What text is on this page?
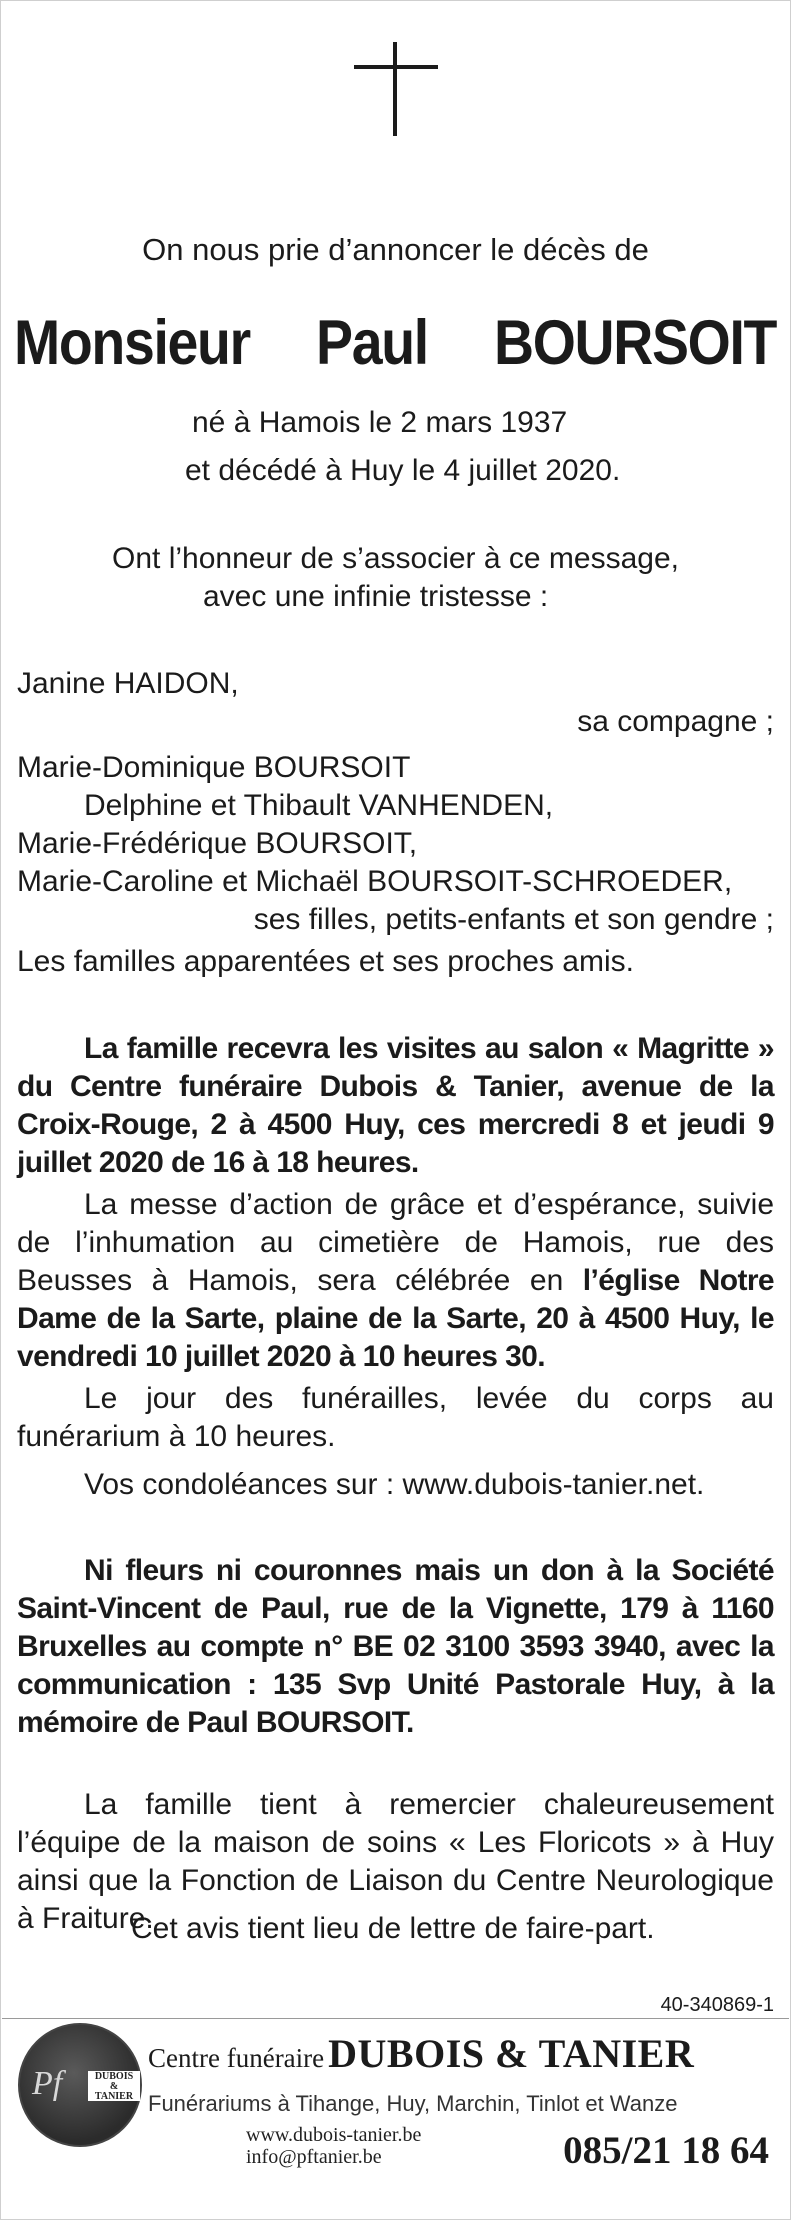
On nous prie d’annoncer le décès de
Monsieur Paul BOURSOIT
né à Hamois le 2 mars 1937
et décédé à Huy le 4 juillet 2020.
Ont l’honneur de s’associer à ce message,
avec une infinie tristesse :
Janine HAIDON,
sa compagne ;
Marie-Dominique BOURSOIT
Delphine et Thibault VANHENDEN,
Marie-Frédérique BOURSOIT,
Marie-Caroline et Michaël BOURSOIT-SCHROEDER,
ses filles, petits-enfants et son gendre ;
Les familles apparentées et ses proches amis.
La famille recevra les visites au salon « Magritte » du Centre funéraire Dubois & Tanier, avenue de la Croix-Rouge, 2 à 4500 Huy, ces mercredi 8 et jeudi 9 juillet 2020 de 16 à 18 heures.
La messe d’action de grâce et d’espérance, suivie de l’inhumation au cimetière de Hamois, rue des Beusses à Hamois, sera célébrée en l’église Notre Dame de la Sarte, plaine de la Sarte, 20 à 4500 Huy, le vendredi 10 juillet 2020 à 10 heures 30.
Le jour des funérailles, levée du corps au funérarium à 10 heures.
Vos condoléances sur : www.dubois-tanier.net.
Ni fleurs ni couronnes mais un don à la Société Saint-Vincent de Paul, rue de la Vignette, 179 à 1160 Bruxelles au compte n° BE 02 3100 3593 3940, avec la communication : 135 Svp Unité Pastorale Huy, à la mémoire de Paul BOURSOIT.
La famille tient à remercier chaleureusement l’équipe de la maison de soins « Les Floricots » à Huy ainsi que la Fonction de Liaison du Centre Neurologique à Fraiture.
Cet avis tient lieu de lettre de faire-part.
40-340869-1
Pf	DUBOIS
&
TANIER
Centre funéraire DUBOIS & TANIER
Funérariums à Tihange, Huy, Marchin, Tinlot et Wanze
www.dubois-tanier.be
info@pftanier.be	085/21 18 64
